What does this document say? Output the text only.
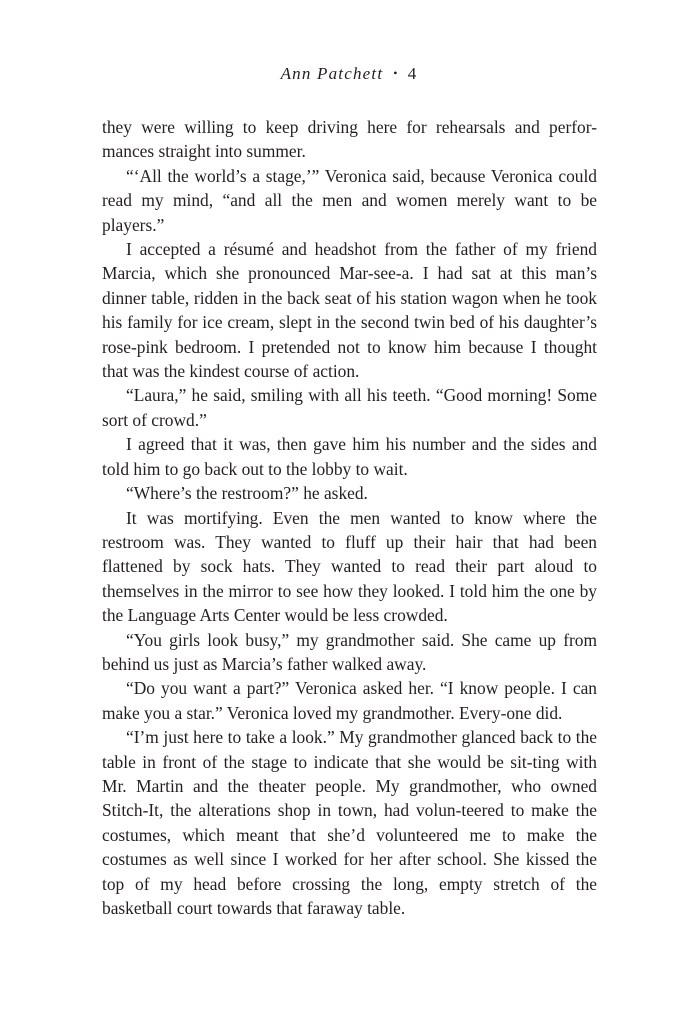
Ann Patchett • 4

they were willing to keep driving here for rehearsals and perfor-mances straight into summer.

“‘All the world’s a stage,’” Veronica said, because Veronica could read my mind, “and all the men and women merely want to be players.”

I accepted a résumé and headshot from the father of my friend Marcia, which she pronounced Mar-see-a. I had sat at this man’s dinner table, ridden in the back seat of his station wagon when he took his family for ice cream, slept in the second twin bed of his daughter’s rose-pink bedroom. I pretended not to know him because I thought that was the kindest course of action.

“Laura,” he said, smiling with all his teeth. “Good morning! Some sort of crowd.”

I agreed that it was, then gave him his number and the sides and told him to go back out to the lobby to wait.

“Where’s the restroom?” he asked.

It was mortifying. Even the men wanted to know where the restroom was. They wanted to fluff up their hair that had been flattened by sock hats. They wanted to read their part aloud to themselves in the mirror to see how they looked. I told him the one by the Language Arts Center would be less crowded.

“You girls look busy,” my grandmother said. She came up from behind us just as Marcia’s father walked away.

“Do you want a part?” Veronica asked her. “I know people. I can make you a star.” Veronica loved my grandmother. Every-one did.

“I’m just here to take a look.” My grandmother glanced back to the table in front of the stage to indicate that she would be sit-ting with Mr. Martin and the theater people. My grandmother, who owned Stitch-It, the alterations shop in town, had volun-teered to make the costumes, which meant that she’d volunteered me to make the costumes as well since I worked for her after school. She kissed the top of my head before crossing the long, empty stretch of the basketball court towards that faraway table.
